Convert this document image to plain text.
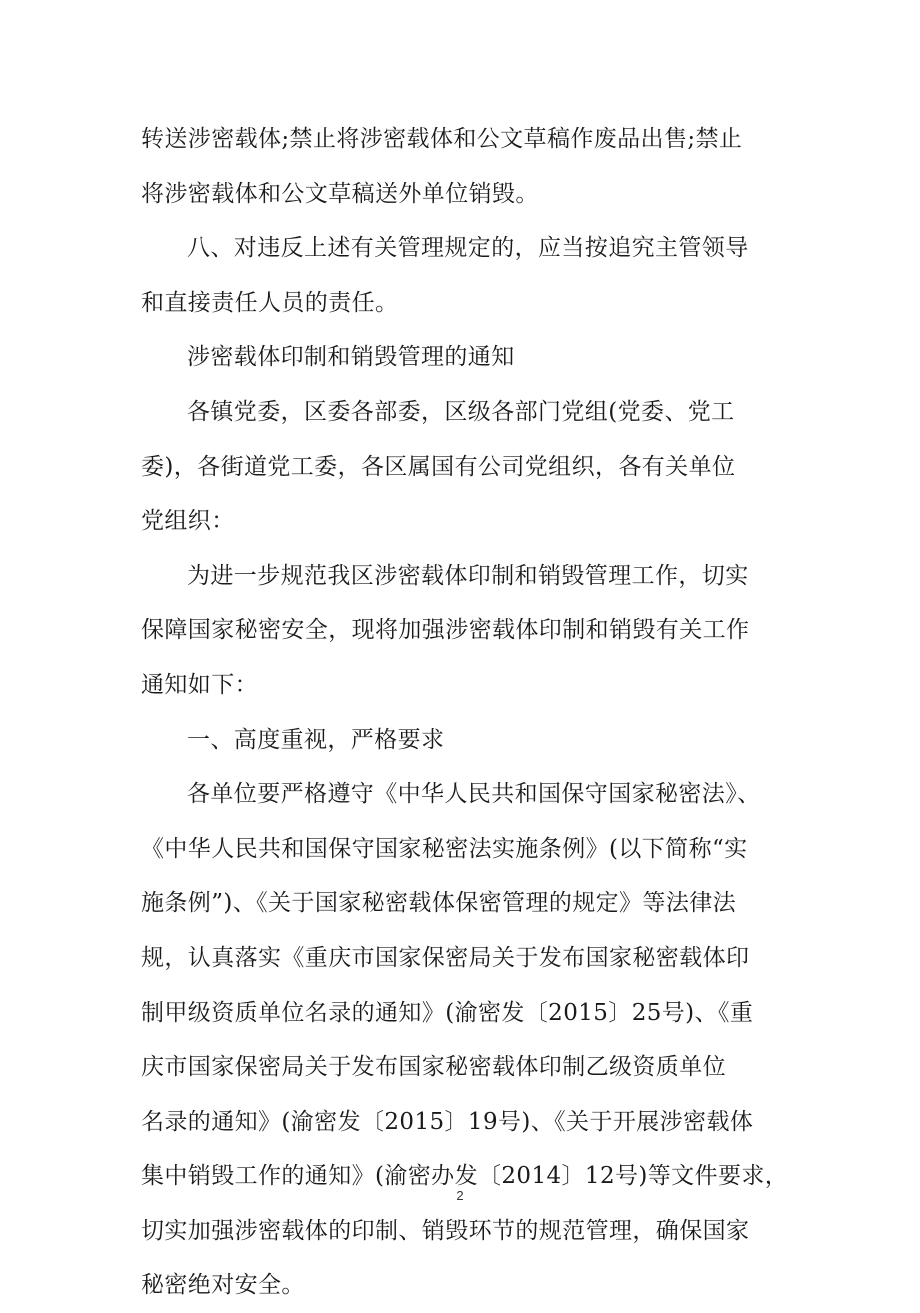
转送涉密载体;禁止将涉密载体和公文草稿作废品出售;禁止
将涉密载体和公文草稿送外单位销毁。
八、对违反上述有关管理规定的，应当按追究主管领导
和直接责任人员的责任。
涉密载体印制和销毁管理的通知
各镇党委，区委各部委，区级各部门党组(党委、党工
委)，各街道党工委，各区属国有公司党组织，各有关单位
党组织：
为进一步规范我区涉密载体印制和销毁管理工作，切实
保障国家秘密安全，现将加强涉密载体印制和销毁有关工作
通知如下：
一、高度重视，严格要求
各单位要严格遵守《中华人民共和国保守国家秘密法》、
《中华人民共和国保守国家秘密法实施条例》(以下简称“实
施条例”)、《关于国家秘密载体保密管理的规定》等法律法
规，认真落实《重庆市国家保密局关于发布国家秘密载体印
制甲级资质单位名录的通知》(渝密发〔2015〕25号)、《重
庆市国家保密局关于发布国家秘密载体印制乙级资质单位
名录的通知》(渝密发〔2015〕19号)、《关于开展涉密载体
集中销毁工作的通知》(渝密办发〔2014〕12号)等文件要求，
切实加强涉密载体的印制、销毁环节的规范管理，确保国家
秘密绝对安全。
2
